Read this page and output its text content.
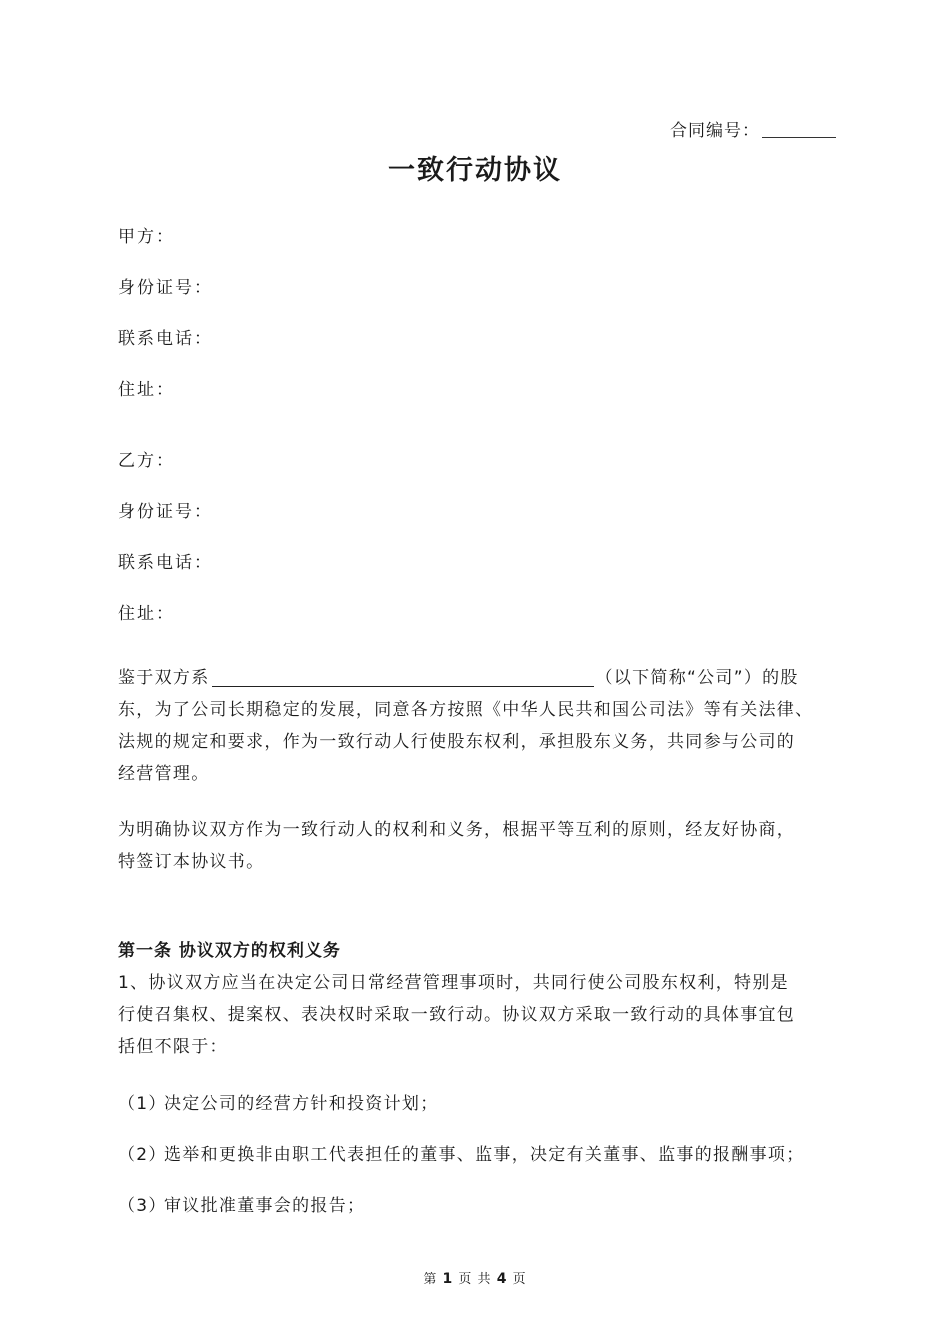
合同编号：
一致行动协议
甲方：
身份证号：
联系电话：
住址：
乙方：
身份证号：
联系电话：
住址：
鉴于双方系	（以下简称“公司”）的股
东，为了公司长期稳定的发展，同意各方按照《中华人民共和国公司法》等有关法律、
法规的规定和要求，作为一致行动人行使股东权利，承担股东义务，共同参与公司的
经营管理。
为明确协议双方作为一致行动人的权利和义务，根据平等互利的原则，经友好协商，
特签订本协议书。
第一条 协议双方的权利义务
1、协议双方应当在决定公司日常经营管理事项时，共同行使公司股东权利，特别是
行使召集权、提案权、表决权时采取一致行动。协议双方采取一致行动的具体事宜包
括但不限于：
（1）决定公司的经营方针和投资计划；
（2）选举和更换非由职工代表担任的董事、监事，决定有关董事、监事的报酬事项；
（3）审议批准董事会的报告；
第 1 页 共 4 页
